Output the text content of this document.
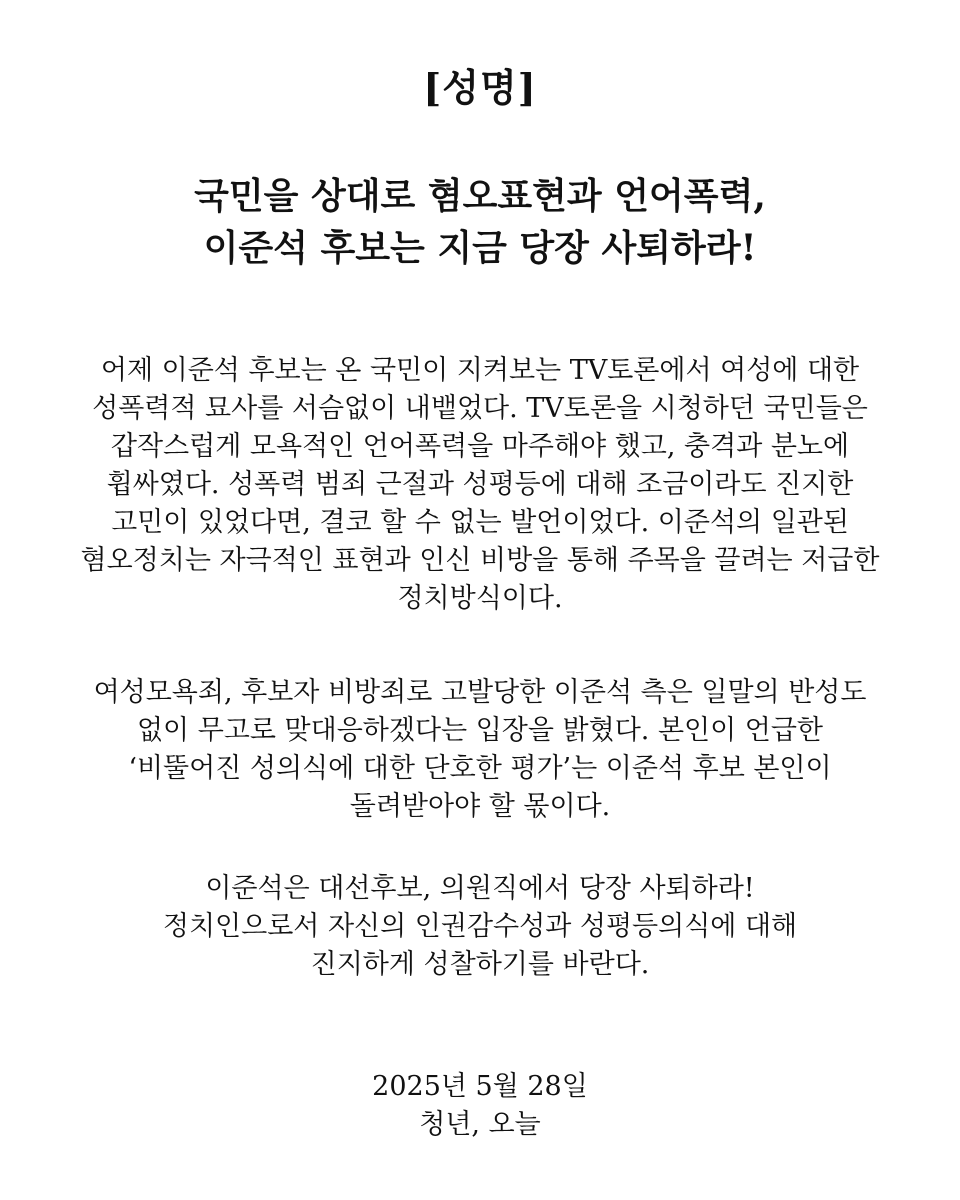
[성명]
국민을 상대로 혐오표현과 언어폭력,
이준석 후보는 지금 당장 사퇴하라!
어제 이준석 후보는 온 국민이 지켜보는 TV토론에서 여성에 대한
성폭력적 묘사를 서슴없이 내뱉었다. TV토론을 시청하던 국민들은
갑작스럽게 모욕적인 언어폭력을 마주해야 했고, 충격과 분노에
휩싸였다. 성폭력 범죄 근절과 성평등에 대해 조금이라도 진지한
고민이 있었다면, 결코 할 수 없는 발언이었다. 이준석의 일관된
혐오정치는 자극적인 표현과 인신 비방을 통해 주목을 끌려는 저급한
정치방식이다.
여성모욕죄, 후보자 비방죄로 고발당한 이준석 측은 일말의 반성도
없이 무고로 맞대응하겠다는 입장을 밝혔다. 본인이 언급한
‘비뚤어진 성의식에 대한 단호한 평가’는 이준석 후보 본인이
돌려받아야 할 몫이다.
이준석은 대선후보, 의원직에서 당장 사퇴하라!
정치인으로서 자신의 인권감수성과 성평등의식에 대해
진지하게 성찰하기를 바란다.
2025년 5월 28일
청년, 오늘
